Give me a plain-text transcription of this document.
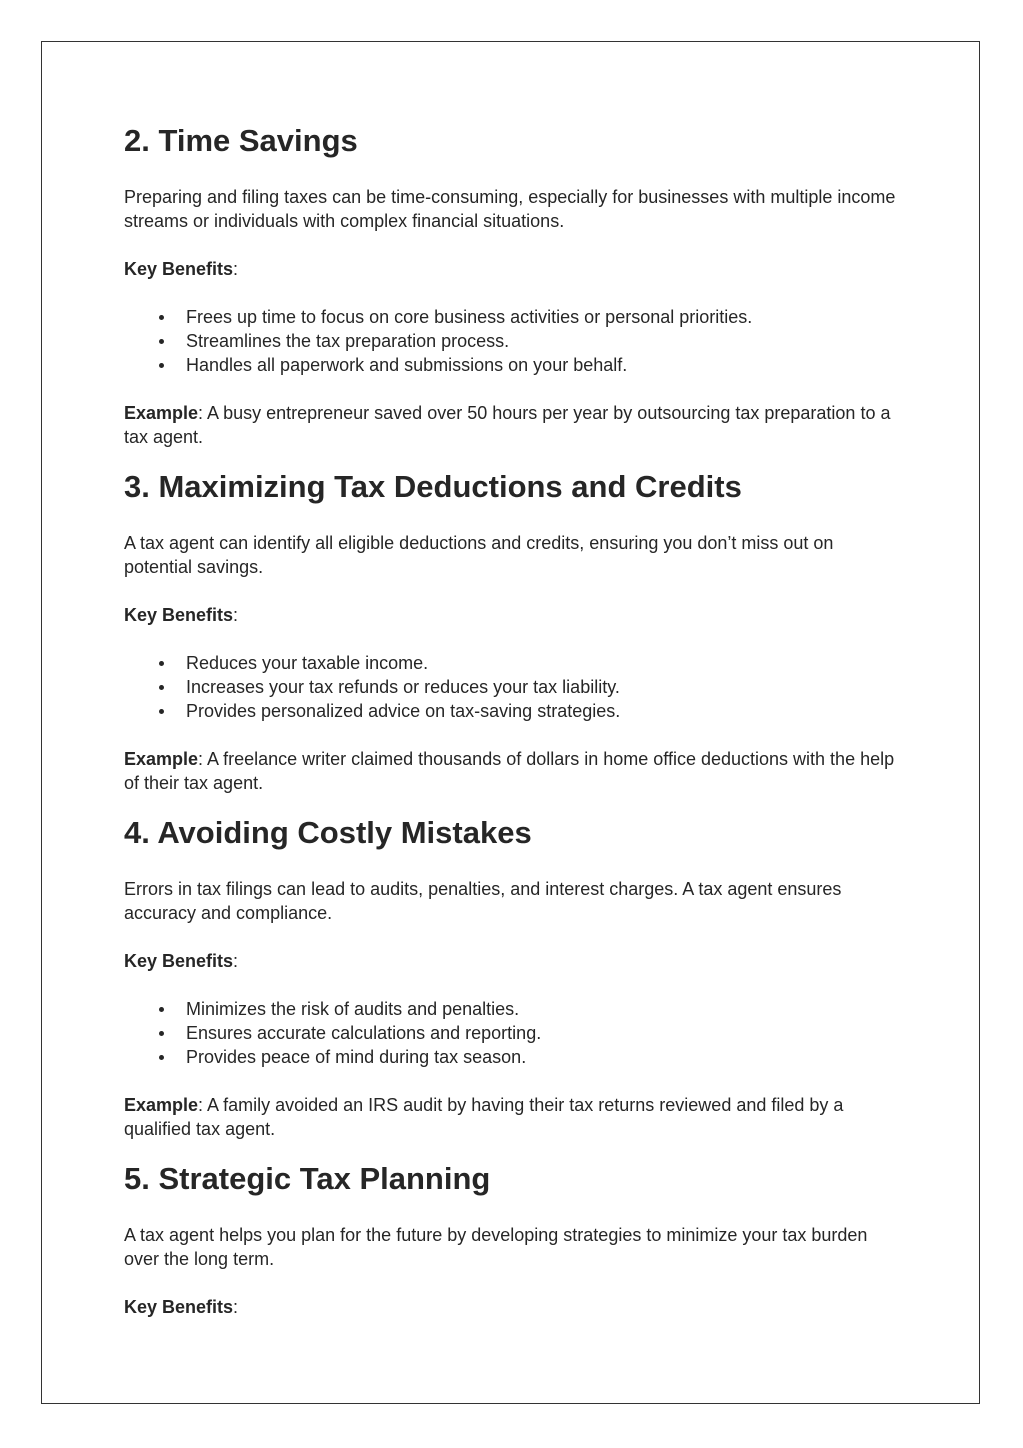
2. Time Savings

Preparing and filing taxes can be time-consuming, especially for businesses with multiple income streams or individuals with complex financial situations.

Key Benefits:

Frees up time to focus on core business activities or personal priorities.
Streamlines the tax preparation process.
Handles all paperwork and submissions on your behalf.

Example: A busy entrepreneur saved over 50 hours per year by outsourcing tax preparation to a tax agent.

3. Maximizing Tax Deductions and Credits

A tax agent can identify all eligible deductions and credits, ensuring you don’t miss out on potential savings.

Key Benefits:

Reduces your taxable income.
Increases your tax refunds or reduces your tax liability.
Provides personalized advice on tax-saving strategies.

Example: A freelance writer claimed thousands of dollars in home office deductions with the help of their tax agent.

4. Avoiding Costly Mistakes

Errors in tax filings can lead to audits, penalties, and interest charges. A tax agent ensures accuracy and compliance.

Key Benefits:

Minimizes the risk of audits and penalties.
Ensures accurate calculations and reporting.
Provides peace of mind during tax season.

Example: A family avoided an IRS audit by having their tax returns reviewed and filed by a qualified tax agent.

5. Strategic Tax Planning

A tax agent helps you plan for the future by developing strategies to minimize your tax burden over the long term.

Key Benefits:
